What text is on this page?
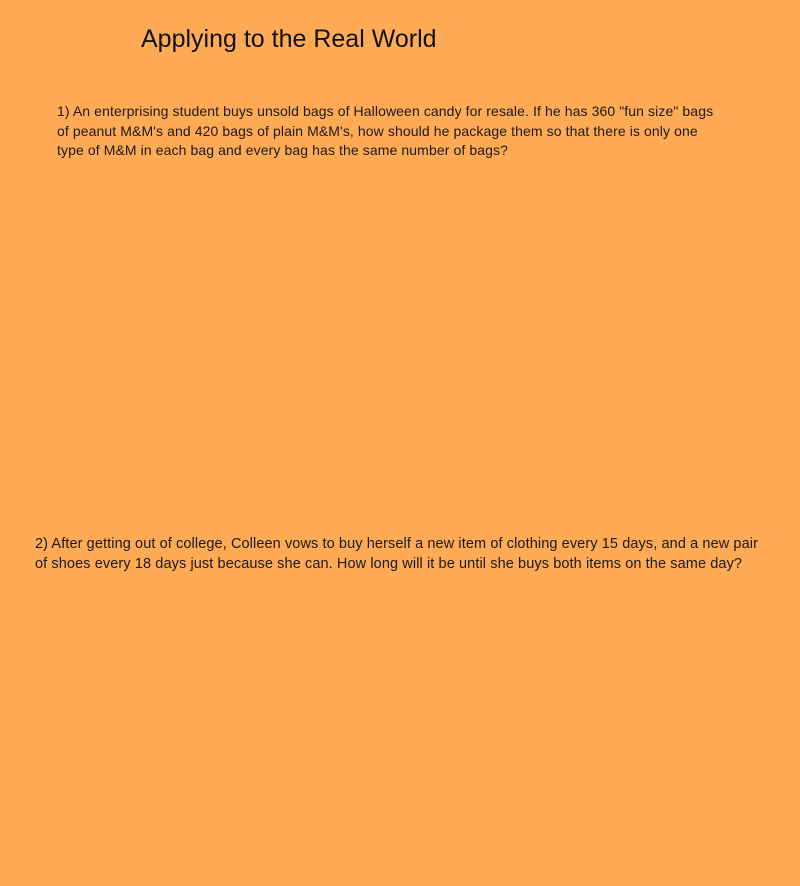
Applying to the Real World

1) An enterprising student buys unsold bags of Halloween candy for resale. If he has 360 "fun size" bags of peanut M&M's and 420 bags of plain M&M's, how should he package them so that there is only one type of M&M in each bag and every bag has the same number of bags?

2) After getting out of college, Colleen vows to buy herself a new item of clothing every 15 days, and a new pair of shoes every 18 days just because she can. How long will it be until she buys both items on the same day?
